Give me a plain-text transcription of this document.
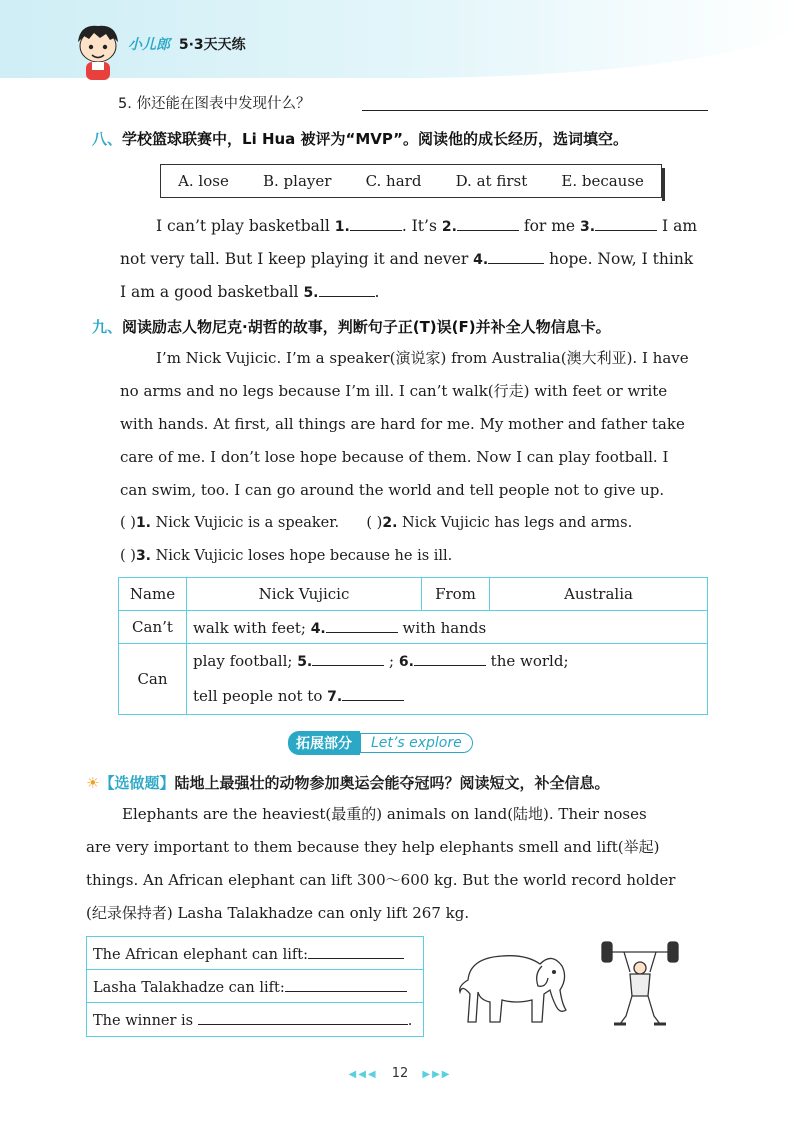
小儿郎 5·3天天练
5. 你还能在图表中发现什么？
八、学校篮球联赛中，Li Hua 被评为“MVP”。阅读他的成长经历，选词填空。
A. lose B. player C. hard D. at first E. because
I can’t play basketball 1.	. It’s 2.	for me 3.	I am
not very tall. But I keep playing it and never 4.	hope. Now, I think
I am a good basketball 5.	.
九、阅读励志人物尼克·胡哲的故事，判断句子正(T)误(F)并补全人物信息卡。
I’m Nick Vujicic. I’m a speaker(演说家) from Australia(澳大利亚). I have
no arms and no legs because I’m ill. I can’t walk(行走) with feet or write
with hands. At first, all things are hard for me. My mother and father take
care of me. I don’t lose hope because of them. Now I can play football. I
can swim, too. I can go around the world and tell people not to give up.
( )1. Nick Vujicic is a speaker. ( )2. Nick Vujicic has legs and arms.
( )3. Nick Vujicic loses hope because he is ill.
Name	Nick Vujicic	From	Australia
Can’t	walk with feet; 4. with hands		
Can	play football; 5. ; 6. the world;
tell people not to 7.		
拓展部分	Let’s explore
☀【选做题】陆地上最强壮的动物参加奥运会能夺冠吗？阅读短文，补全信息。
Elephants are the heaviest(最重的) animals on land(陆地). Their noses
are very important to them because they help elephants smell and lift(举起)
things. An African elephant can lift 300～600 kg. But the world record holder
(纪录保持者) Lasha Talakhadze can only lift 267 kg.
The African elephant can lift:
Lasha Talakhadze can lift:
The winner is	.
◀◀◀ 12 ▶▶▶
